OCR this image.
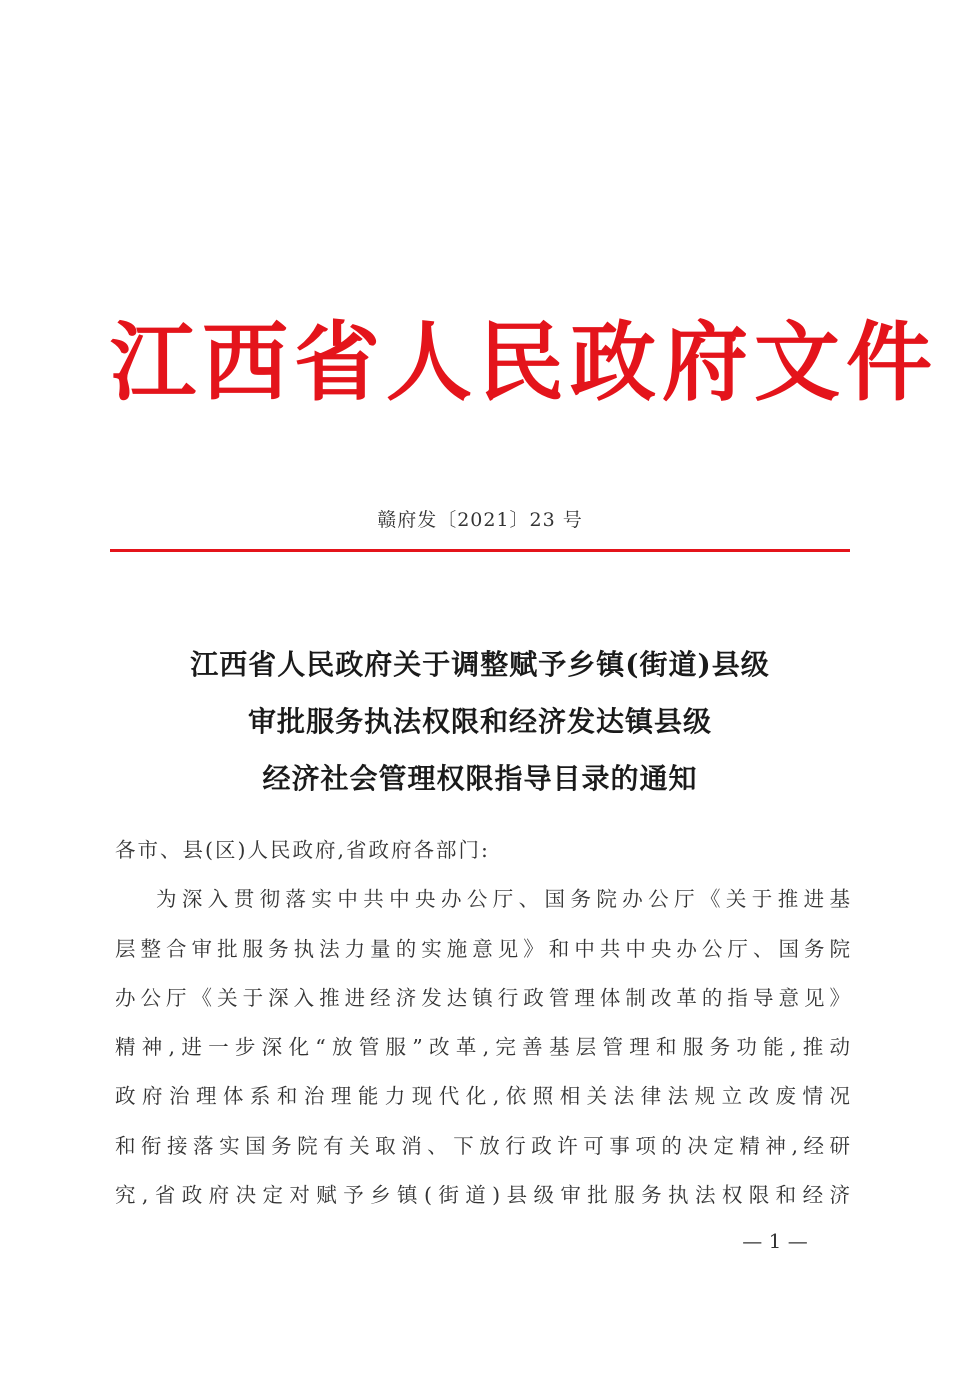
江西省人民政府文件
赣府发〔2021〕23 号
江西省人民政府关于调整赋予乡镇(街道)县级
审批服务执法权限和经济发达镇县级
经济社会管理权限指导目录的通知
各市、县(区)人民政府,省政府各部门:
为深入贯彻落实中共中央办公厅、国务院办公厅《关于推进基
层整合审批服务执法力量的实施意见》和中共中央办公厅、国务院
办公厅《关于深入推进经济发达镇行政管理体制改革的指导意见》
精神,进一步深化“放管服”改革,完善基层管理和服务功能,推动
政府治理体系和治理能力现代化,依照相关法律法规立改废情况
和衔接落实国务院有关取消、下放行政许可事项的决定精神,经研
究,省政府决定对赋予乡镇(街道)县级审批服务执法权限和经济
— 1 —
